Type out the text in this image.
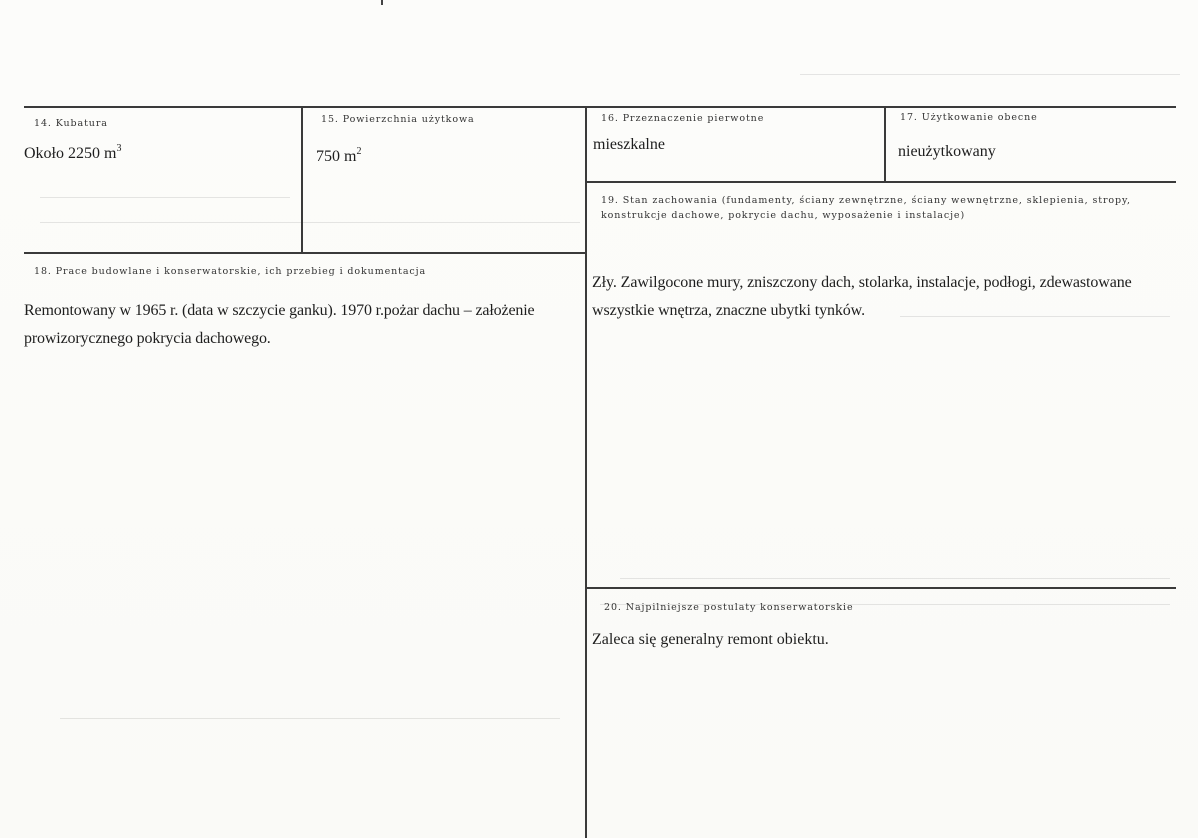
14. Kubatura
Około 2250 $m^3$
15. Powierzchnia użytkowa
750 $m^2$
16. Przeznaczenie pierwotne
mieszkalne
17. Użytkowanie obecne
nieużytkowany
19. Stan zachowania (fundamenty, ściany zewnętrzne, ściany wewnętrzne, sklepienia, stropy, konstrukcje dachowe, pokrycie dachu, wyposażenie i instalacje)
Zły. Zawilgocone mury, zniszczony dach, stolarka, instalacje, podłogi, zdewastowane wszystkie wnętrza, znaczne ubytki tynków.
18. Prace budowlane i konserwatorskie, ich przebieg i dokumentacja
Remontowany w 1965 r. (data w szczycie ganku). 1970 r.pożar dachu – założenie prowizorycznego pokrycia dachowego.
20. Najpilniejsze postulaty konserwatorskie
Zaleca się generalny remont obiektu.
